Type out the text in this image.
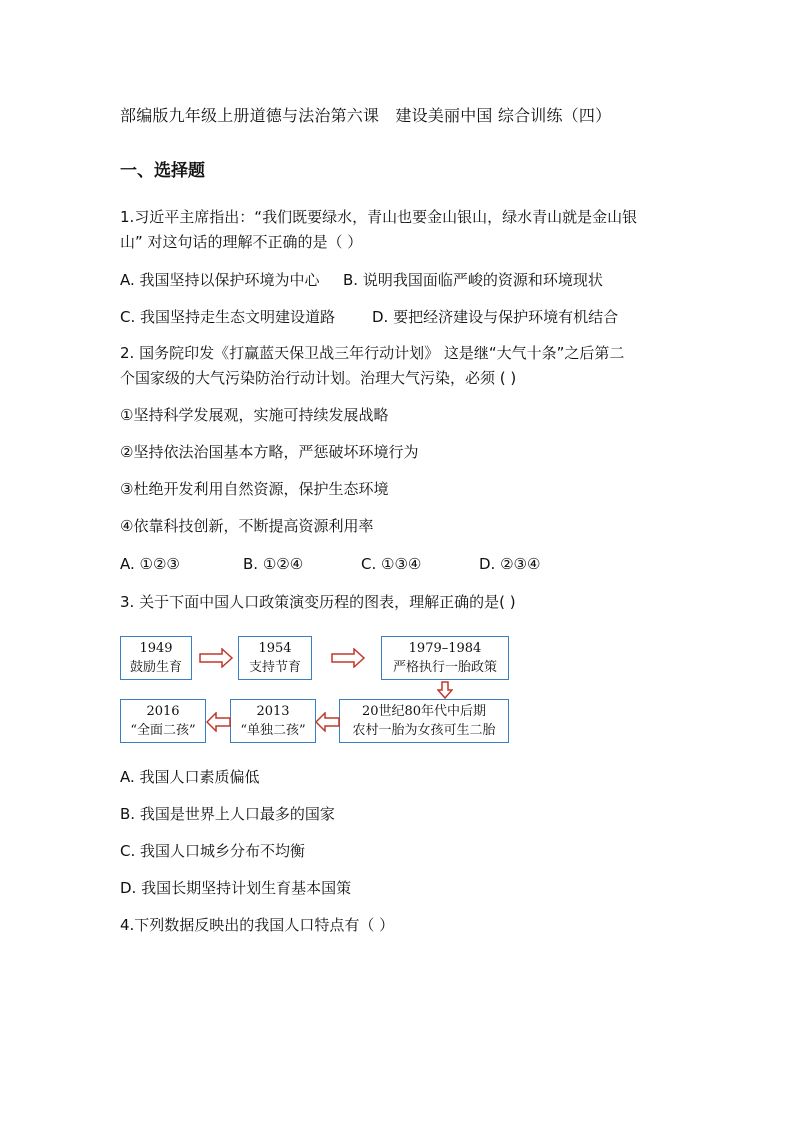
部编版九年级上册道德与法治第六课　建设美丽中国 综合训练（四）
一、选择题
1.习近平主席指出：“我们既要绿水，青山也要金山银山，绿水青山就是金山银
山” 对这句话的理解不正确的是（ ）
A. 我国坚持以保护环境为中心 B. 说明我国面临严峻的资源和环境现状
C. 我国坚持走生态文明建设道路 D. 要把经济建设与保护环境有机结合
2. 国务院印发《打赢蓝天保卫战三年行动计划》 这是继“大气十条”之后第二
个国家级的大气污染防治行动计划。治理大气污染，必须 ( )
①坚持科学发展观，实施可持续发展战略
②坚持依法治国基本方略，严惩破坏环境行为
③杜绝开发利用自然资源，保护生态环境
④依靠科技创新，不断提高资源利用率
A. ①②③	B. ①②④	C. ①③④	D. ②③④
3. 关于下面中国人口政策演变历程的图表，理解正确的是( )
1949
鼓励生育
1954
支持节育
1979–1984
严格执行一胎政策
2016
“全面二孩”
2013
“单独二孩”
20世纪80年代中后期
农村一胎为女孩可生二胎
A. 我国人口素质偏低
B. 我国是世界上人口最多的国家
C. 我国人口城乡分布不均衡
D. 我国长期坚持计划生育基本国策
4.下列数据反映出的我国人口特点有（ ）
